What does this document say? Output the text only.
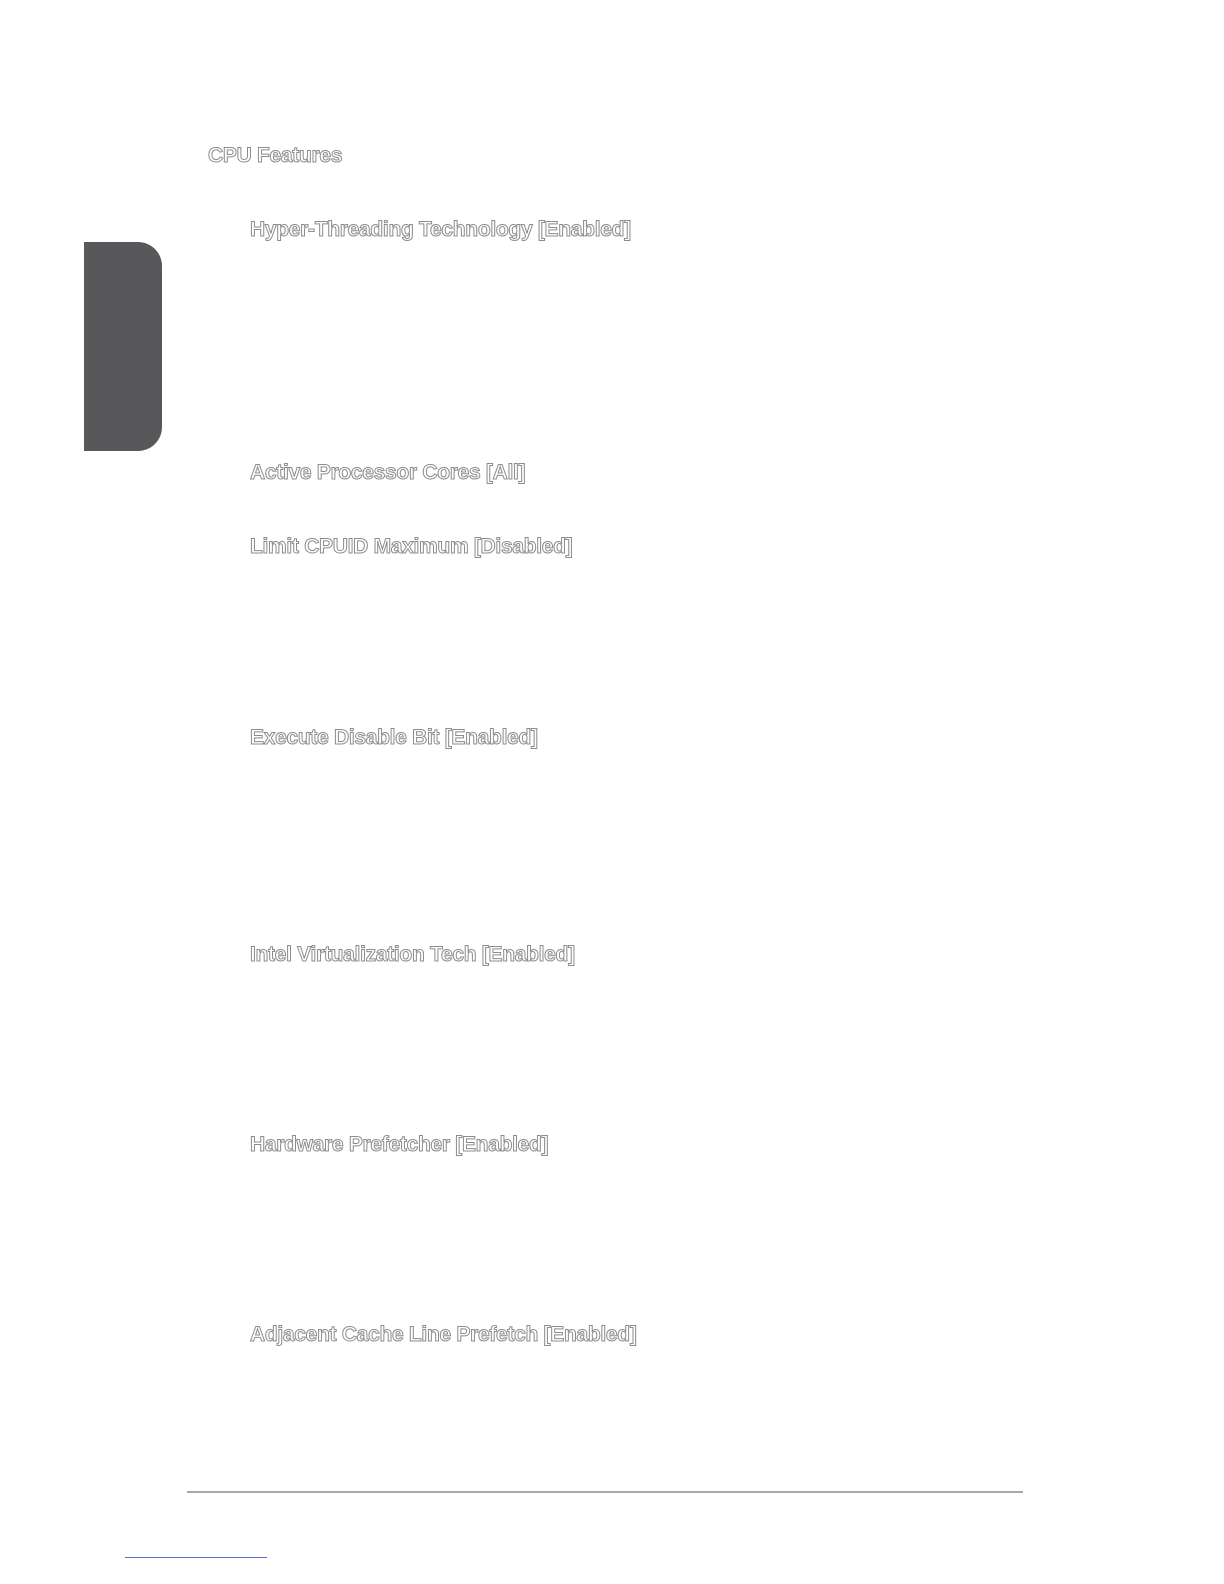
CPU Features
Hyper-Threading Technology [Enabled]
Active Processor Cores [All]
Limit CPUID Maximum [Disabled]
Execute Disable Bit [Enabled]
Intel Virtualization Tech [Enabled]
Hardware Prefetcher [Enabled]
Adjacent Cache Line Prefetch [Enabled]
